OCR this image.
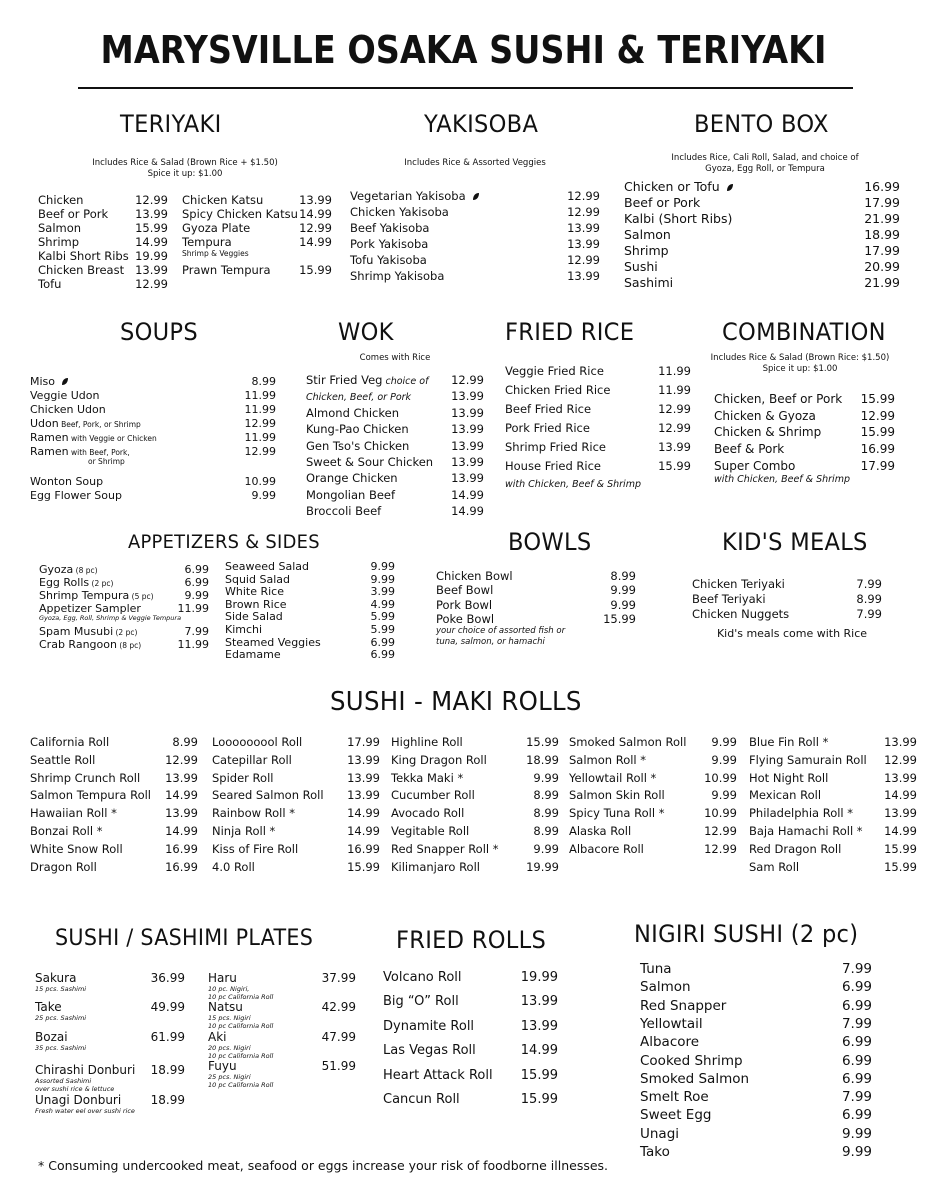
MARYSVILLE OSAKA SUSHI & TERIYAKI
TERIYAKI
Includes Rice & Salad (Brown Rice + $1.50)
Spice it up: $1.00
Chicken	12.99
Beef or Pork	13.99
Salmon	15.99
Shrimp	14.99
Kalbi Short Ribs 19.99
Chicken Breast 13.99
Tofu	12.99
Chicken Katsu	13.99
Spicy Chicken Katsu 14.99
Gyoza Plate	12.99
Tempura	14.99
Prawn Tempura	15.99
Shrimp & Veggies
YAKISOBA
Includes Rice & Assorted Veggies
Vegetarian Yakisoba	12.99
Chicken Yakisoba	12.99
Beef Yakisoba	13.99
Pork Yakisoba	13.99
Tofu Yakisoba	12.99
Shrimp Yakisoba	13.99
BENTO BOX
Includes Rice, Cali Roll, Salad, and choice of
Gyoza, Egg Roll, or Tempura
Chicken or Tofu	16.99
Beef or Pork	17.99
Kalbi (Short Ribs)	21.99
Salmon	18.99
Shrimp	17.99
Sushi	20.99
Sashimi	21.99
SOUPS
Miso	8.99
Veggie Udon	11.99
Chicken Udon	11.99
Udon Beef, Pork, or Shrimp	12.99
Ramen with Veggie or Chicken	11.99
Ramen with Beef, Pork,	12.99
Wonton Soup	10.99
Egg Flower Soup	9.99
or Shrimp
WOK
Comes with Rice
Stir Fried Veg choice of	12.99
Chicken, Beef, or Pork	13.99
Almond Chicken	13.99
Kung-Pao Chicken	13.99
Gen Tso's Chicken	13.99
Sweet & Sour Chicken	13.99
Orange Chicken	13.99
Mongolian Beef	14.99
Broccoli Beef	14.99
FRIED RICE
Veggie Fried Rice	11.99
Chicken Fried Rice	11.99
Beef Fried Rice	12.99
Pork Fried Rice	12.99
Shrimp Fried Rice	13.99
House Fried Rice	15.99
with Chicken, Beef & Shrimp
COMBINATION
Includes Rice & Salad (Brown Rice: $1.50)
Spice it up: $1.00
Chicken, Beef or Pork	15.99
Chicken & Gyoza	12.99
Chicken & Shrimp	15.99
Beef & Pork	16.99
Super Combo	17.99
with Chicken, Beef & Shrimp
APPETIZERS & SIDES
Gyoza (8 pc)	6.99
Egg Rolls (2 pc)	6.99
Shrimp Tempura (5 pc)	9.99
Appetizer Sampler	11.99
Spam Musubi (2 pc)	7.99
Crab Rangoon (8 pc)	11.99
Gyoza, Egg, Roll, Shrimp & Veggie Tempura
Seaweed Salad	9.99
Squid Salad	9.99
White Rice	3.99
Brown Rice	4.99
Side Salad	5.99
Kimchi	5.99
Steamed Veggies	6.99
Edamame	6.99
BOWLS
Chicken Bowl	8.99
Beef Bowl	9.99
Pork Bowl	9.99
Poke Bowl	15.99
your choice of assorted fish or
tuna, salmon, or hamachi
KID'S MEALS
Chicken Teriyaki	7.99
Beef Teriyaki	8.99
Chicken Nuggets	7.99
Kid's meals come with Rice
SUSHI - MAKI ROLLS
California Roll	8.99
Seattle Roll	12.99
Shrimp Crunch Roll	13.99
Salmon Tempura Roll	14.99
Hawaiian Roll *	13.99
Bonzai Roll *	14.99
White Snow Roll	16.99
Dragon Roll	16.99
Looooooool Roll	17.99
Catepillar Roll	13.99
Spider Roll	13.99
Seared Salmon Roll	13.99
Rainbow Roll *	14.99
Ninja Roll *	14.99
Kiss of Fire Roll	16.99
4.0 Roll	15.99
Highline Roll	15.99
King Dragon Roll	18.99
Tekka Maki *	9.99
Cucumber Roll	8.99
Avocado Roll	8.99
Vegitable Roll	8.99
Red Snapper Roll *	9.99
Kilimanjaro Roll	19.99
Smoked Salmon Roll	9.99
Salmon Roll *	9.99
Yellowtail Roll *	10.99
Salmon Skin Roll	9.99
Spicy Tuna Roll *	10.99
Alaska Roll	12.99
Albacore Roll	12.99
Blue Fin Roll *	13.99
Flying Samurain Roll	12.99
Hot Night Roll	13.99
Mexican Roll	14.99
Philadelphia Roll *	13.99
Baja Hamachi Roll *	14.99
Red Dragon Roll	15.99
Sam Roll	15.99
SUSHI / SASHIMI PLATES
Sakura	36.99
15 pcs. Sashimi
Take	49.99
25 pcs. Sashimi
Bozai	61.99
35 pcs. Sashimi
Chirashi Donburi	18.99
Assorted Sashimi
over sushi rice & lettuce
Unagi Donburi	18.99
Fresh water eel over sushi rice
Haru	37.99
10 pc. Nigiri,
10 pc California Roll
Natsu	42.99
15 pcs. Nigiri
10 pc California Roll
Aki	47.99
20 pcs. Nigiri
10 pc California Roll
Fuyu	51.99
25 pcs. Nigiri
10 pc California Roll
FRIED ROLLS
Volcano Roll	19.99
Big “O” Roll	13.99
Dynamite Roll	13.99
Las Vegas Roll	14.99
Heart Attack Roll	15.99
Cancun Roll	15.99
NIGIRI SUSHI (2 pc)
Tuna	7.99
Salmon	6.99
Red Snapper	6.99
Yellowtail	7.99
Albacore	6.99
Cooked Shrimp	6.99
Smoked Salmon	6.99
Smelt Roe	7.99
Sweet Egg	6.99
Unagi	9.99
Tako	9.99
* Consuming undercooked meat, seafood or eggs increase your risk of foodborne illnesses.
